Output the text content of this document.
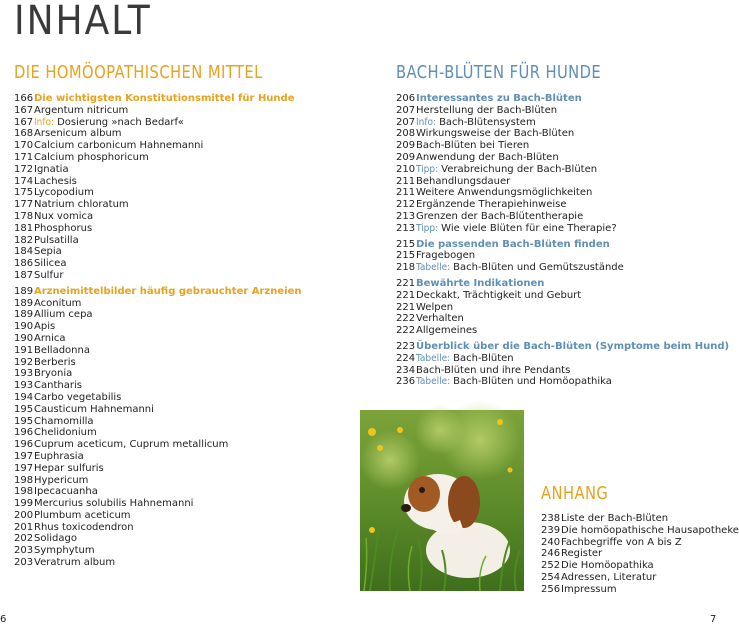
INHALT
DIE HOMÖOPATHISCHEN MITTEL
166 Die wichtigsten Konstitutionsmittel für Hunde
167 Argentum nitricum
167 Info: Dosierung »nach Bedarf«
168 Arsenicum album
170 Calcium carbonicum Hahnemanni
171 Calcium phosphoricum
172 Ignatia
174 Lachesis
175 Lycopodium
177 Natrium chloratum
178 Nux vomica
181 Phosphorus
182 Pulsatilla
184 Sepia
186 Silicea
187 Sulfur
189 Arzneimittelbilder häufig gebrauchter Arzneien
189 Aconitum
189 Allium cepa
190 Apis
190 Arnica
191 Belladonna
192 Berberis
193 Bryonia
193 Cantharis
194 Carbo vegetabilis
195 Causticum Hahnemanni
195 Chamomilla
196 Chelidonium
196 Cuprum aceticum, Cuprum metallicum
197 Euphrasia
197 Hepar sulfuris
198 Hypericum
198 Ipecacuanha
199 Mercurius solubilis Hahnemanni
200 Plumbum aceticum
201 Rhus toxicodendron
202 Solidago
203 Symphytum
203 Veratrum album
BACH-BLÜTEN FÜR HUNDE
206 Interessantes zu Bach-Blüten
207 Herstellung der Bach-Blüten
207 Info: Bach-Blütensystem
208 Wirkungsweise der Bach-Blüten
209 Bach-Blüten bei Tieren
209 Anwendung der Bach-Blüten
210 Tipp: Verabreichung der Bach-Blüten
211 Behandlungsdauer
211 Weitere Anwendungsmöglichkeiten
212 Ergänzende Therapiehinweise
213 Grenzen der Bach-Blütentherapie
213 Tipp: Wie viele Blüten für eine Therapie?
215 Die passenden Bach-Blüten finden
215 Fragebogen
218 Tabelle: Bach-Blüten und Gemütszustände
221 Bewährte Indikationen
221 Deckakt, Trächtigkeit und Geburt
221 Welpen
222 Verhalten
222 Allgemeines
223 Überblick über die Bach-Blüten (Symptome beim Hund)
224 Tabelle: Bach-Blüten
234 Bach-Blüten und ihre Pendants
236 Tabelle: Bach-Blüten und Homöopathika
ANHANG
238 Liste der Bach-Blüten
239 Die homöopathische Hausapotheke
240 Fachbegriffe von A bis Z
246 Register
252 Die Homöopathika
254 Adressen, Literatur
256 Impressum
6	7
